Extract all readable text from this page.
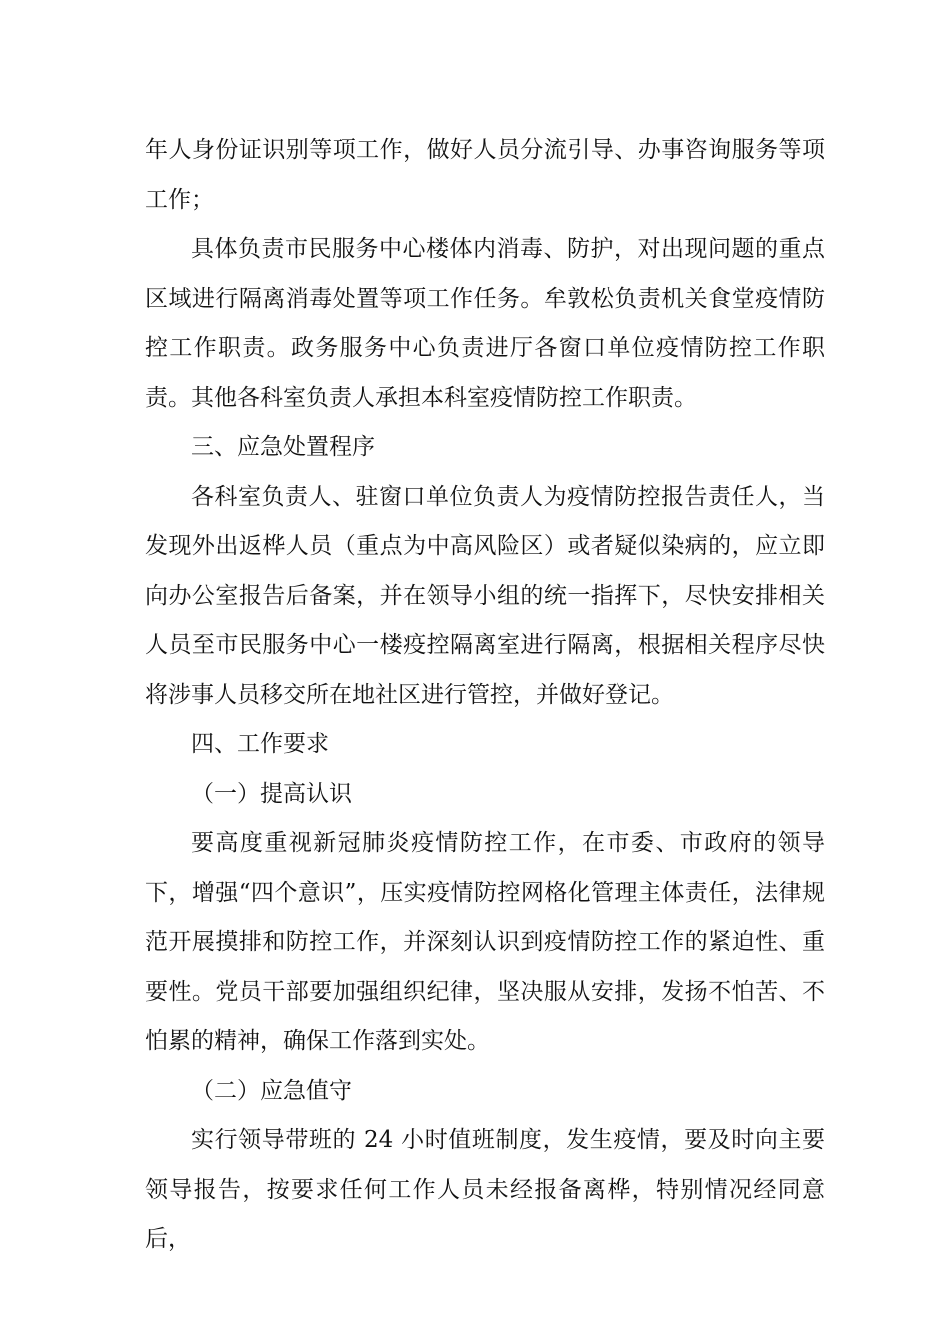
年人身份证识别等项工作，做好人员分流引导、办事咨询服务等项工作；

具体负责市民服务中心楼体内消毒、防护，对出现问题的重点区域进行隔离消毒处置等项工作任务。牟敦松负责机关食堂疫情防控工作职责。政务服务中心负责进厅各窗口单位疫情防控工作职责。其他各科室负责人承担本科室疫情防控工作职责。

三、应急处置程序

各科室负责人、驻窗口单位负责人为疫情防控报告责任人，当发现外出返桦人员（重点为中高风险区）或者疑似染病的，应立即向办公室报告后备案，并在领导小组的统一指挥下，尽快安排相关人员至市民服务中心一楼疫控隔离室进行隔离，根据相关程序尽快将涉事人员移交所在地社区进行管控，并做好登记。

四、工作要求

（一）提高认识

要高度重视新冠肺炎疫情防控工作，在市委、市政府的领导下，增强“四个意识”，压实疫情防控网格化管理主体责任，法律规范开展摸排和防控工作，并深刻认识到疫情防控工作的紧迫性、重要性。党员干部要加强组织纪律，坚决服从安排，发扬不怕苦、不怕累的精神，确保工作落到实处。

（二）应急值守

实行领导带班的 24 小时值班制度，发生疫情，要及时向主要领导报告，按要求任何工作人员未经报备离桦，特别情况经同意后，
